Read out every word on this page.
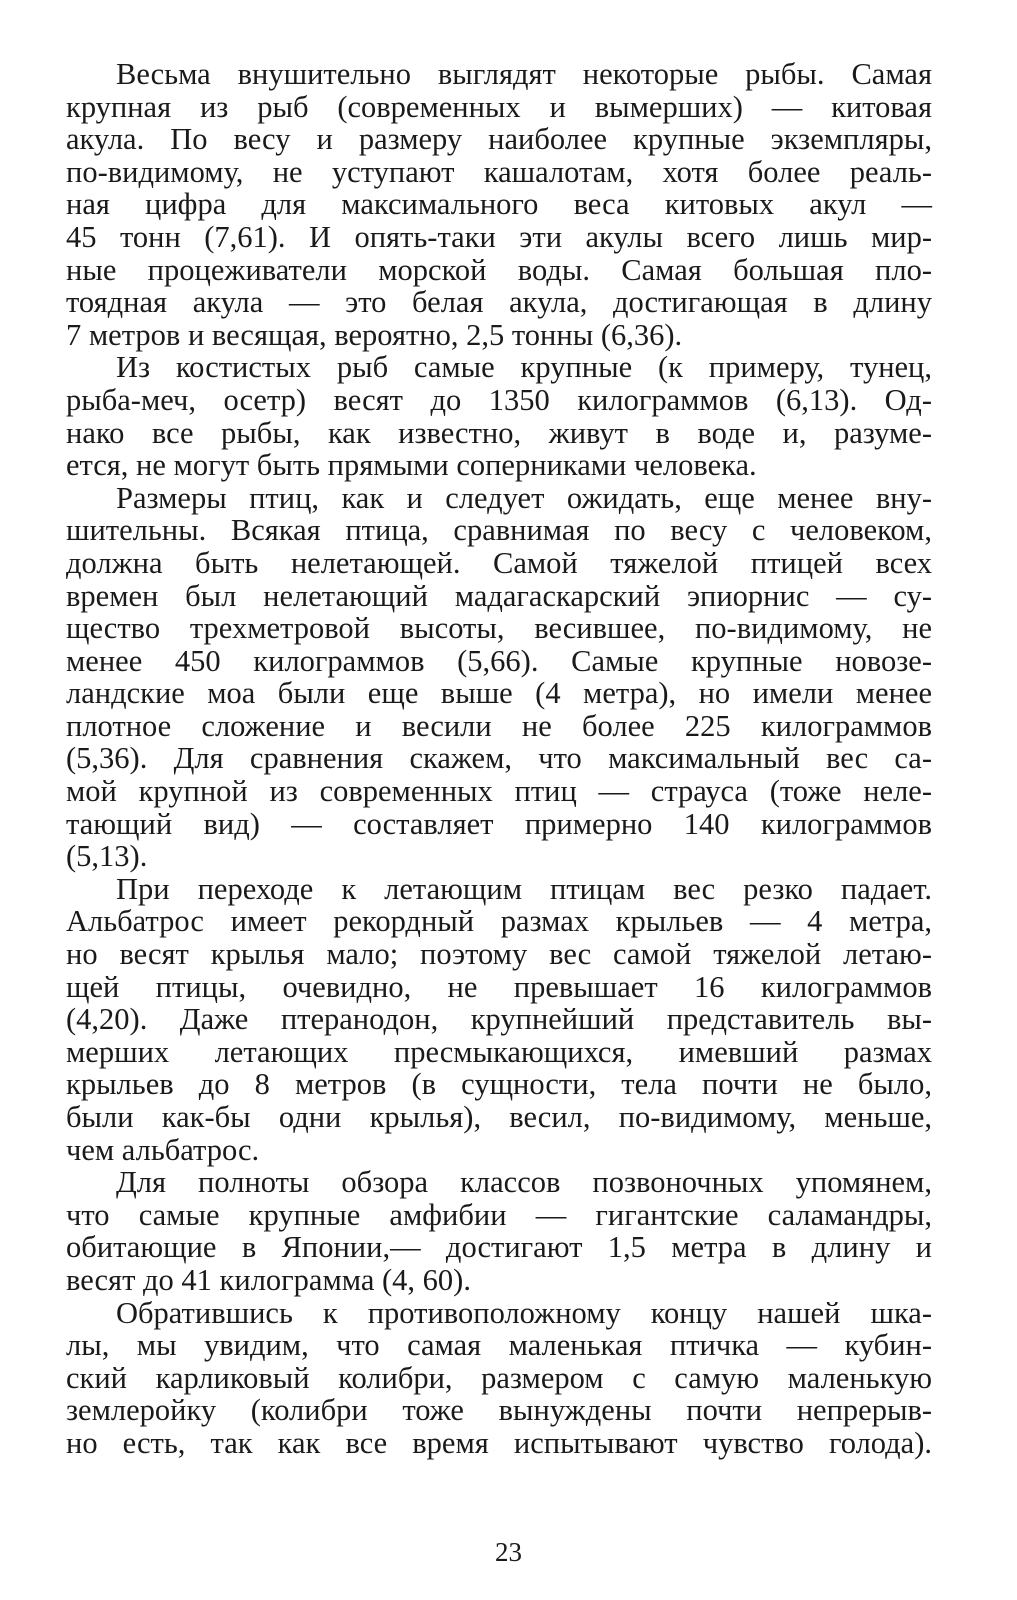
Весьма внушительно выглядят некоторые рыбы. Самая
крупная из рыб (современных и вымерших) — китовая
акула. По весу и размеру наиболее крупные экземпляры,
по-видимому, не уступают кашалотам, хотя более реаль-
ная цифра для максимального веса китовых акул —
45 тонн (7,61). И опять-таки эти акулы всего лишь мир-
ные процеживатели морской воды. Самая большая пло-
тоядная акула — это белая акула, достигающая в длину
7 метров и весящая, вероятно, 2,5 тонны (6,36).
Из костистых рыб самые крупные (к примеру, тунец,
рыба-меч, осетр) весят до 1350 килограммов (6,13). Од-
нако все рыбы, как известно, живут в воде и, разуме-
ется, не могут быть прямыми соперниками человека.
Размеры птиц, как и следует ожидать, еще менее вну-
шительны. Всякая птица, сравнимая по весу с человеком,
должна быть нелетающей. Самой тяжелой птицей всех
времен был нелетающий мадагаскарский эпиорнис — су-
щество трехметровой высоты, весившее, по-видимому, не
менее 450 килограммов (5,66). Самые крупные новозе-
ландские моа были еще выше (4 метра), но имели менее
плотное сложение и весили не более 225 килограммов
(5,36). Для сравнения скажем, что максимальный вес са-
мой крупной из современных птиц — страуса (тоже неле-
тающий вид) — составляет примерно 140 килограммов
(5,13).
При переходе к летающим птицам вес резко падает.
Альбатрос имеет рекордный размах крыльев — 4 метра,
но весят крылья мало; поэтому вес самой тяжелой летаю-
щей птицы, очевидно, не превышает 16 килограммов
(4,20). Даже птеранодон, крупнейший представитель вы-
мерших летающих пресмыкающихся, имевший размах
крыльев до 8 метров (в сущности, тела почти не было,
были как-бы одни крылья), весил, по-видимому, меньше,
чем альбатрос.
Для полноты обзора классов позвоночных упомянем,
что самые крупные амфибии — гигантские саламандры,
обитающие в Японии,— достигают 1,5 метра в длину и
весят до 41 килограмма (4, 60).
Обратившись к противоположному концу нашей шка-
лы, мы увидим, что самая маленькая птичка — кубин-
ский карликовый колибри, размером с самую маленькую
землеройку (колибри тоже вынуждены почти непрерыв-
но есть, так как все время испытывают чувство голода).
23
